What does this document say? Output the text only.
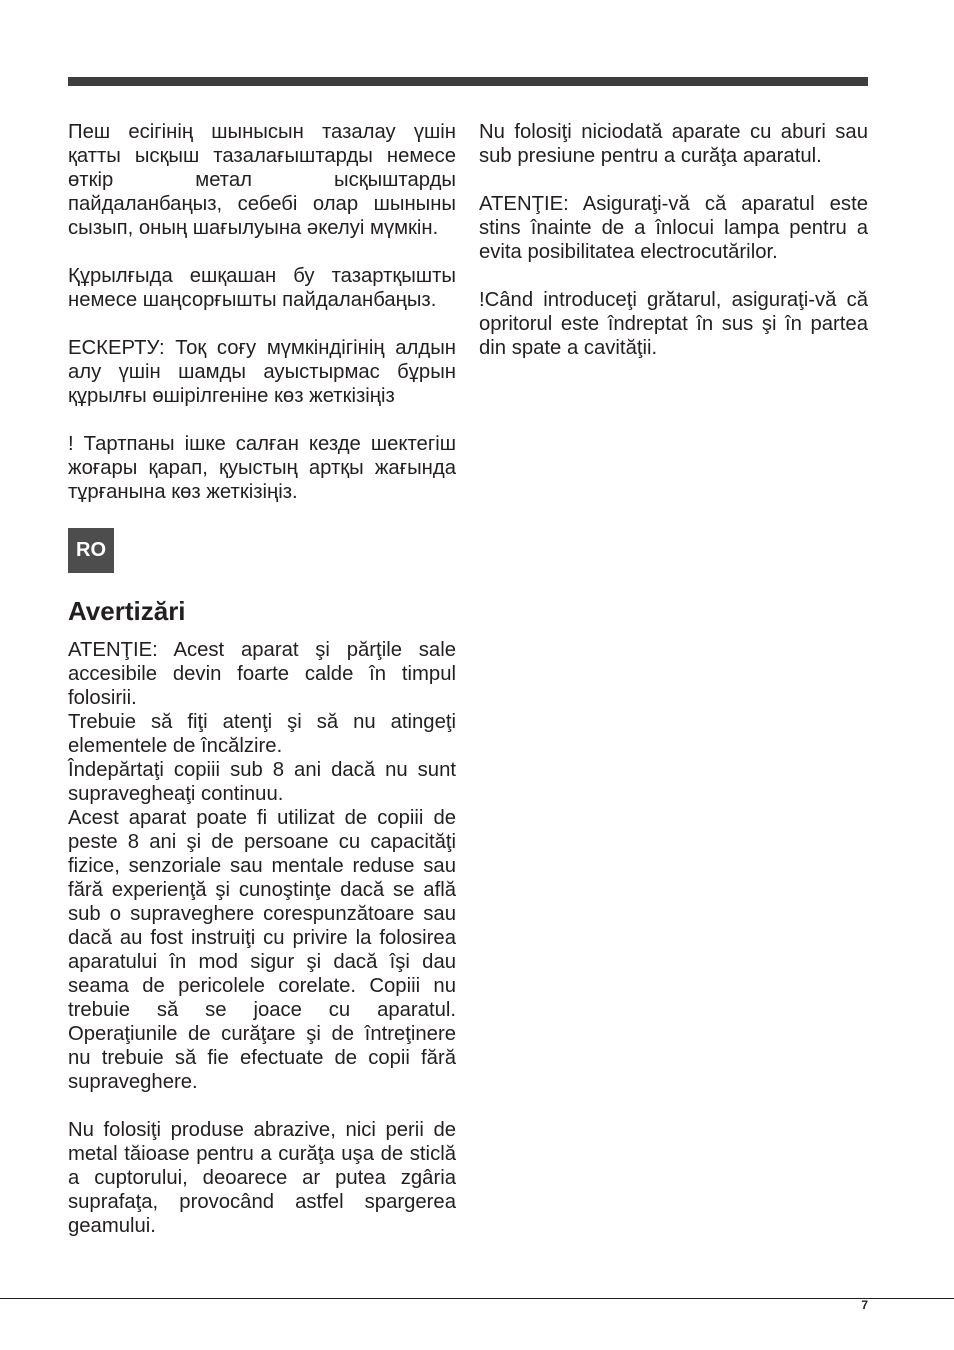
Пеш есігінің шынысын тазалау үшін қатты ысқыш тазалағыштарды немесе өткір метал ысқыштарды пайдаланбаңыз, себебі олар шыныны сызып, оның шағылуына әкелуі мүмкін.

Құрылғыда ешқашан бу тазартқышты немесе шаңсорғышты пайдаланбаңыз.

ЕСКЕРТУ: Тоқ соғу мүмкіндігінің алдын алу үшін шамды ауыстырмас бұрын құрылғы өшірілгеніне көз жеткізіңіз

! Тартпаны ішке салған кезде шектегіш жоғары қарап, қуыстың артқы жағында тұрғанына көз жеткізіңіз.

RO
Avertizări

ATENŢIE: Acest aparat şi părţile sale accesibile devin foarte calde în timpul folosirii.

Trebuie să fiţi atenţi şi să nu atingeţi elementele de încălzire.

Îndepărtaţi copiii sub 8 ani dacă nu sunt supravegheaţi continuu.

Acest aparat poate fi utilizat de copiii de peste 8 ani şi de persoane cu capacităţi fizice, senzoriale sau mentale reduse sau fără experienţă şi cunoştinţe dacă se află sub o supraveghere corespunzătoare sau dacă au fost instruiţi cu privire la folosirea aparatului în mod sigur şi dacă îşi dau seama de pericolele corelate. Copiii nu trebuie să se joace cu aparatul. Operaţiunile de curăţare şi de întreţinere nu trebuie să fie efectuate de copii fără supraveghere.

Nu folosiţi produse abrazive, nici perii de metal tăioase pentru a curăţa uşa de sticlă a cuptorului, deoarece ar putea zgâria suprafaţa, provocând astfel spargerea geamului.

Nu folosiţi niciodată aparate cu aburi sau sub presiune pentru a curăţa aparatul.

ATENŢIE: Asiguraţi-vă că aparatul este stins înainte de a înlocui lampa pentru a evita posibilitatea electrocutărilor.

!Când introduceţi grătarul, asiguraţi-vă că opritorul este îndreptat în sus şi în partea din spate a cavităţii.

7
